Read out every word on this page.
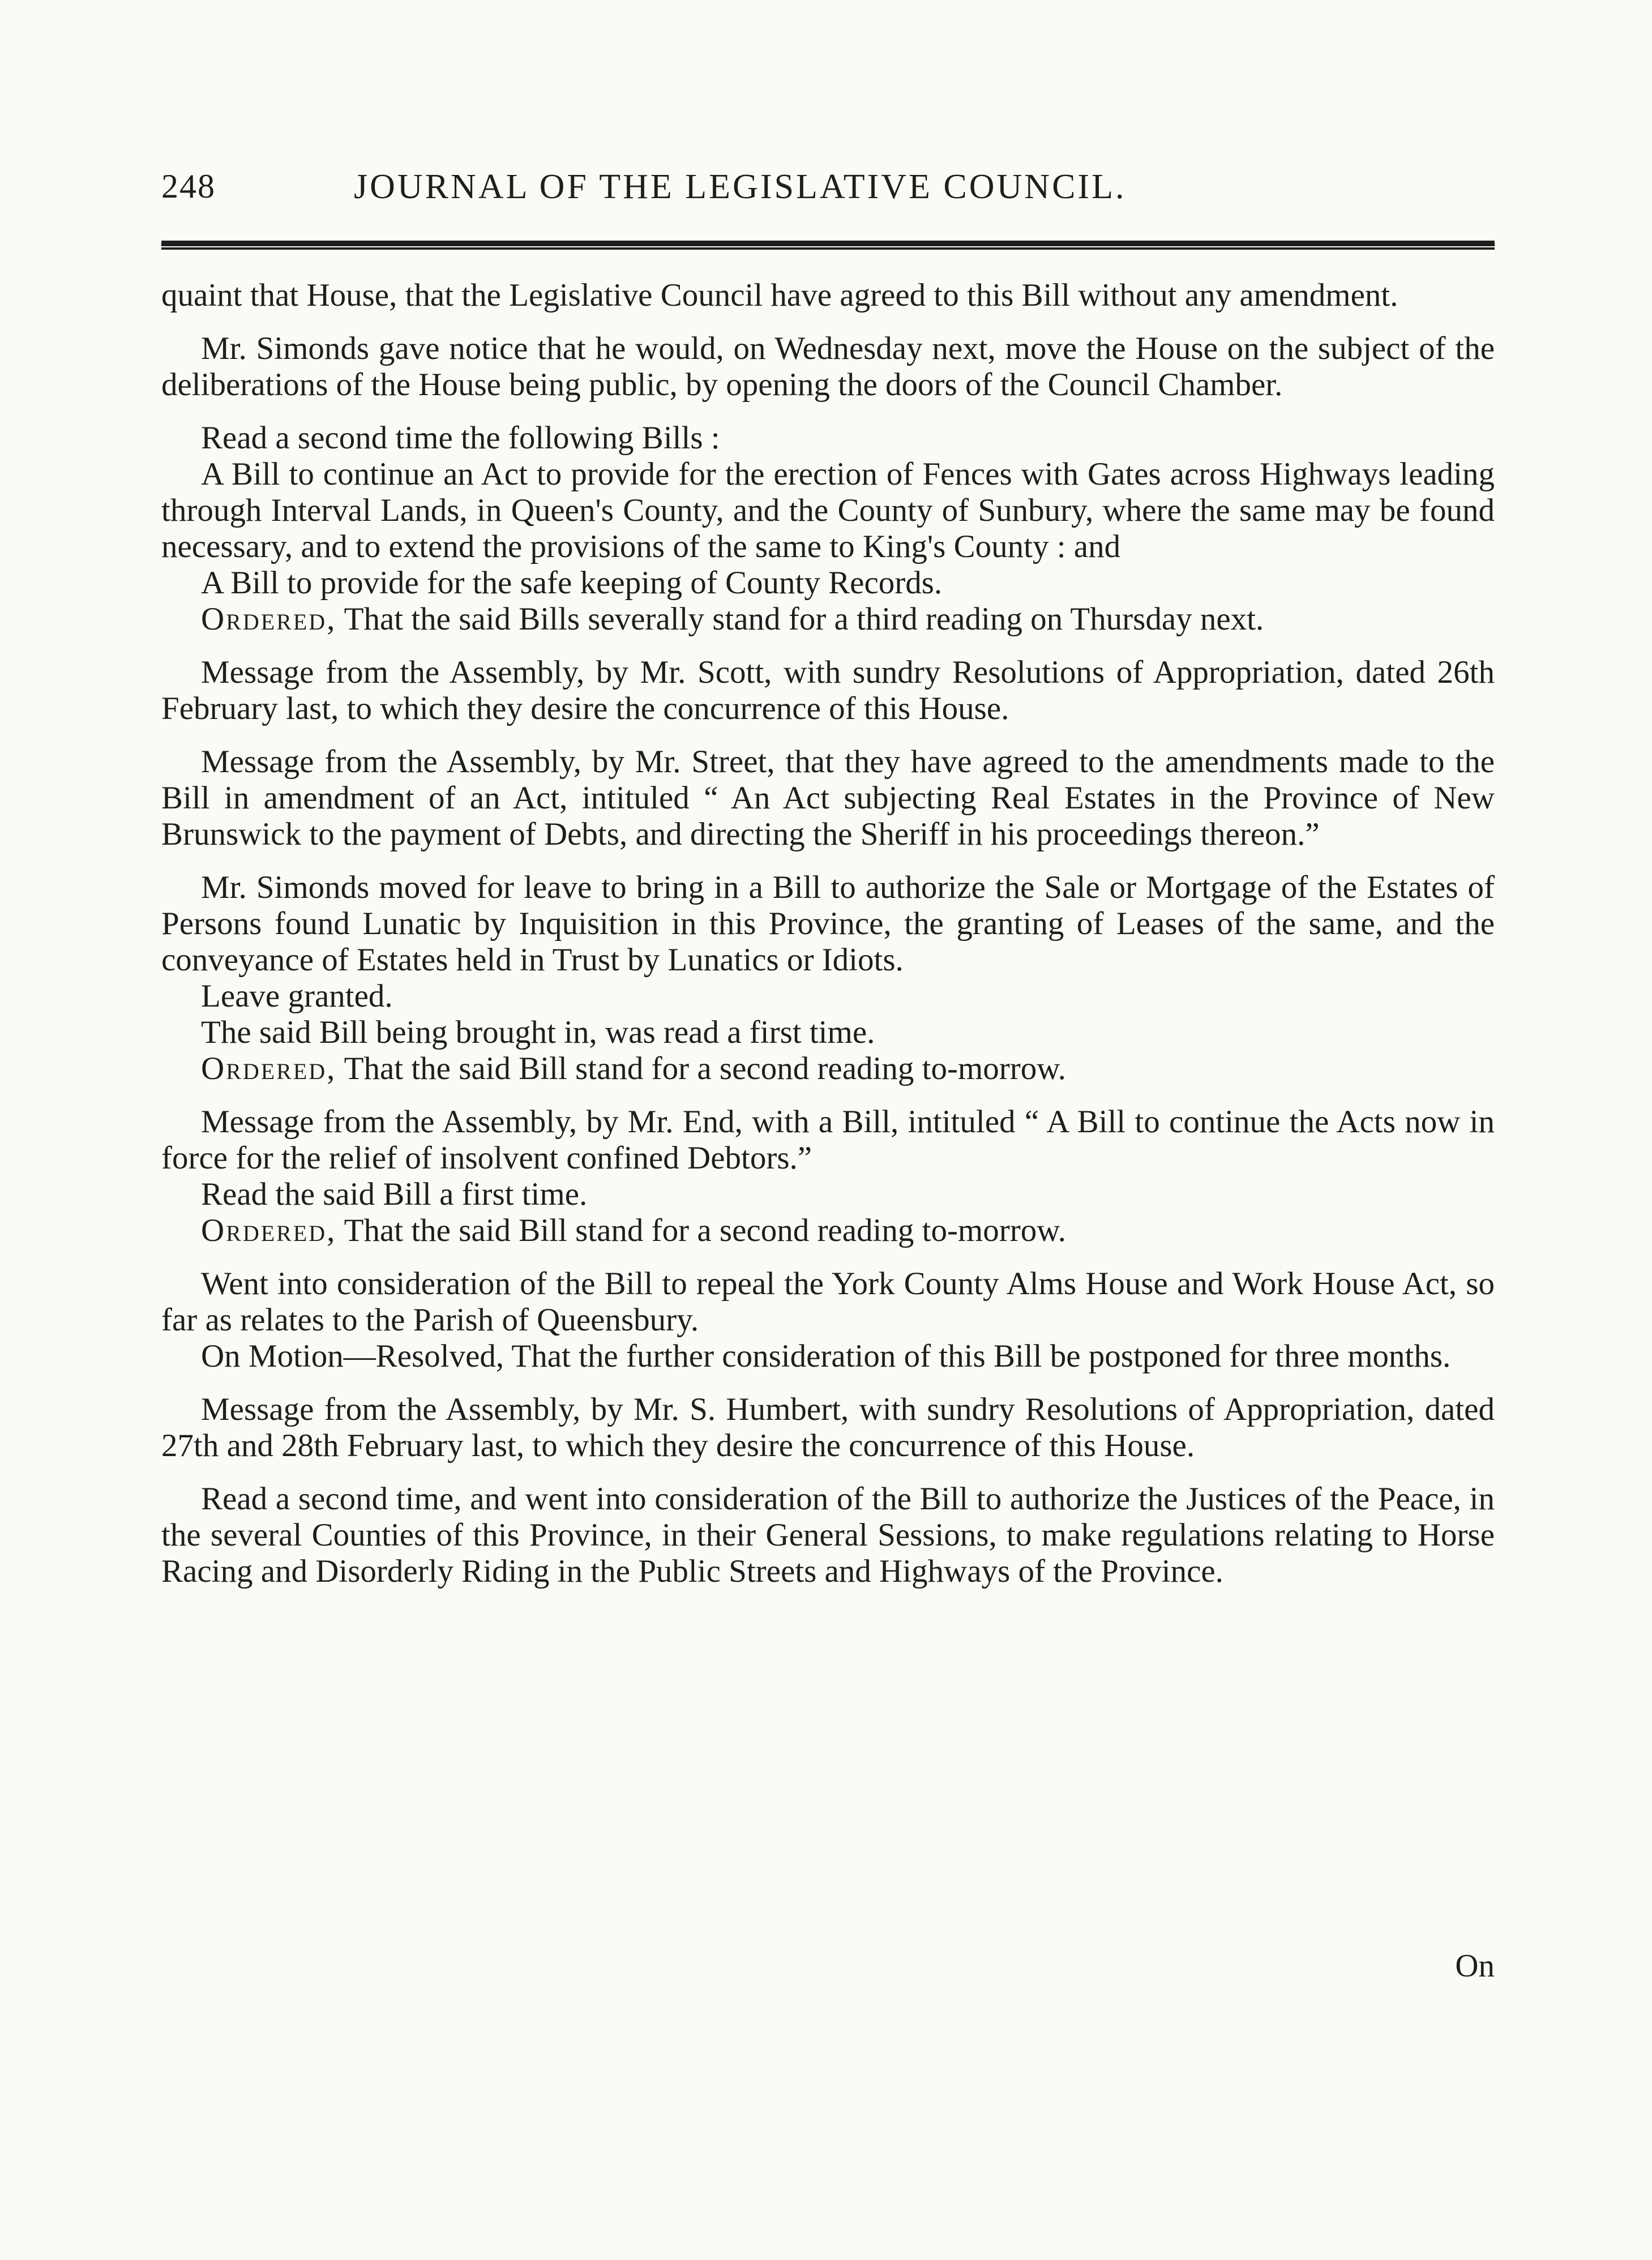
248	JOURNAL OF THE LEGISLATIVE COUNCIL.

quaint that House, that the Legislative Council have agreed to this Bill without any amendment.

Mr. Simonds gave notice that he would, on Wednesday next, move the House on the subject of the deliberations of the House being public, by opening the doors of the Council Chamber.

Read a second time the following Bills :

A Bill to continue an Act to provide for the erection of Fences with Gates across Highways leading through Interval Lands, in Queen's County, and the County of Sunbury, where the same may be found necessary, and to extend the provisions of the same to King's County : and

A Bill to provide for the safe keeping of County Records.

Ordered, That the said Bills severally stand for a third reading on Thursday next.

Message from the Assembly, by Mr. Scott, with sundry Resolutions of Appropriation, dated 26th February last, to which they desire the concurrence of this House.

Message from the Assembly, by Mr. Street, that they have agreed to the amendments made to the Bill in amendment of an Act, intituled “ An Act subjecting Real Estates in the Province of New Brunswick to the payment of Debts, and directing the Sheriff in his proceedings thereon.”

Mr. Simonds moved for leave to bring in a Bill to authorize the Sale or Mortgage of the Estates of Persons found Lunatic by Inquisition in this Province, the granting of Leases of the same, and the conveyance of Estates held in Trust by Lunatics or Idiots.

Leave granted.

The said Bill being brought in, was read a first time.

Ordered, That the said Bill stand for a second reading to-morrow.

Message from the Assembly, by Mr. End, with a Bill, intituled “ A Bill to continue the Acts now in force for the relief of insolvent confined Debtors.”

Read the said Bill a first time.

Ordered, That the said Bill stand for a second reading to-morrow.

Went into consideration of the Bill to repeal the York County Alms House and Work House Act, so far as relates to the Parish of Queensbury.

On Motion—Resolved, That the further consideration of this Bill be postponed for three months.

Message from the Assembly, by Mr. S. Humbert, with sundry Resolutions of Appropriation, dated 27th and 28th February last, to which they desire the concurrence of this House.

Read a second time, and went into consideration of the Bill to authorize the Justices of the Peace, in the several Counties of this Province, in their General Sessions, to make regulations relating to Horse Racing and Disorderly Riding in the Public Streets and Highways of the Province.

On
